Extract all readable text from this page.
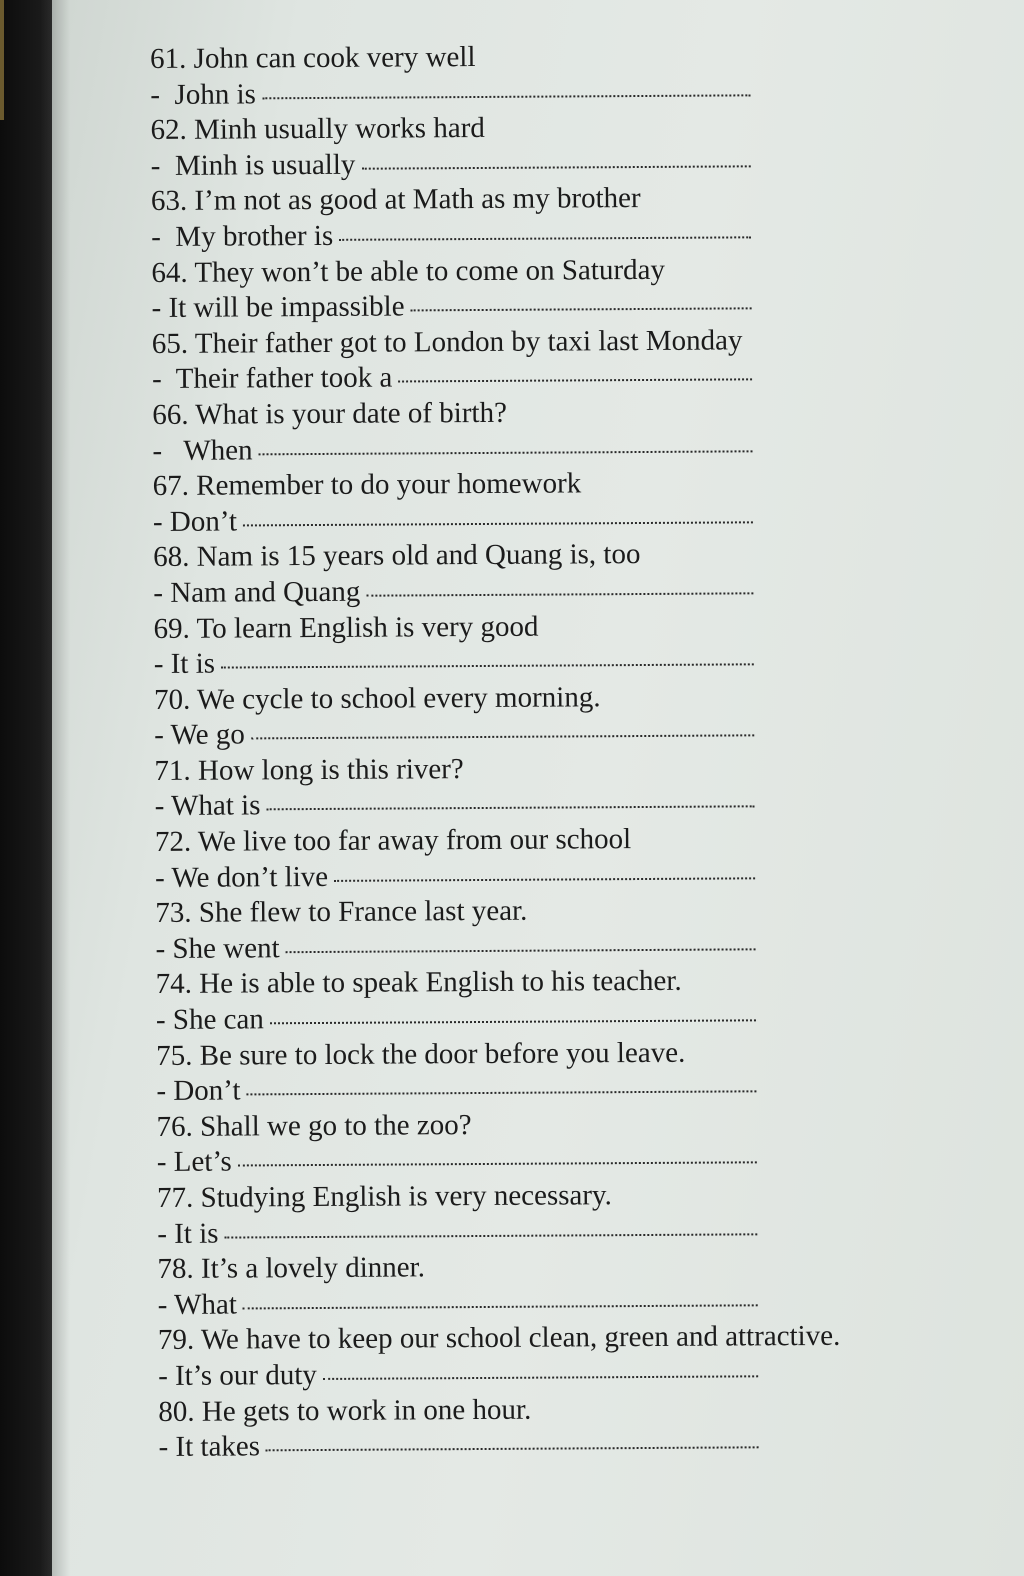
61. John can cook very well
-  John is
62. Minh usually works hard
-  Minh is usually
63. I’m not as good at Math as my brother
-  My brother is
64. They won’t be able to come on Saturday
- It will be impassible
65. Their father got to London by taxi last Monday
-  Their father took a
66. What is your date of birth?
-   When
67. Remember to do your homework
- Don’t
68. Nam is 15 years old and Quang is, too
- Nam and Quang
69. To learn English is very good
- It is
70. We cycle to school every morning.
- We go
71. How long is this river?
- What is
72. We live too far away from our school
- We don’t live
73. She flew to France last year.
- She went
74. He is able to speak English to his teacher.
- She can
75. Be sure to lock the door before you leave.
- Don’t
76. Shall we go to the zoo?
- Let’s
77. Studying English is very necessary.
- It is
78. It’s a lovely dinner.
- What
79. We have to keep our school clean, green and attractive.
- It’s our duty
80. He gets to work in one hour.
- It takes
